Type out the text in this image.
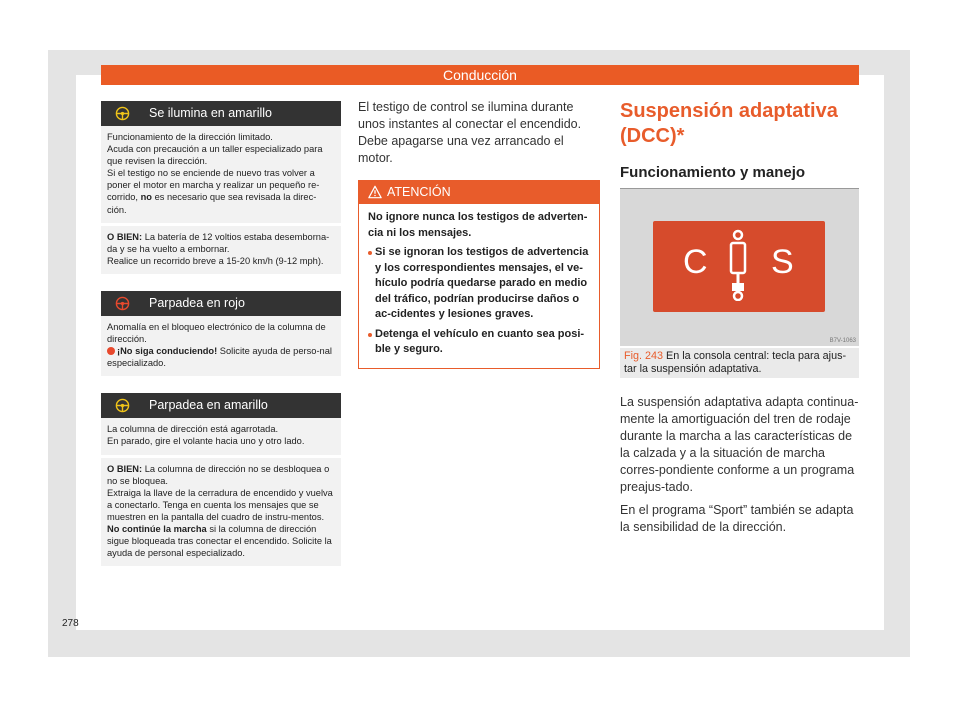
Conducción
Se ilumina en amarillo
Funcionamiento de la dirección limitado.
Acuda con precaución a un taller especializado para que revisen la dirección.
Si el testigo no se enciende de nuevo tras volver a poner el motor en marcha y realizar un pequeño re-corrido, no es necesario que sea revisada la direc-ción.
O BIEN: La batería de 12 voltios estaba desemborna-da y se ha vuelto a embornar.
Realice un recorrido breve a 15-20 km/h (9-12 mph).
Parpadea en rojo
Anomalía en el bloqueo electrónico de la columna de dirección.
¡No siga conduciendo! Solicite ayuda de perso-nal especializado.
Parpadea en amarillo
La columna de dirección está agarrotada.
En parado, gire el volante hacia uno y otro lado.
O BIEN: La columna de dirección no se desbloquea o no se bloquea.
Extraiga la llave de la cerradura de encendido y vuelva a conectarlo. Tenga en cuenta los mensajes que se muestren en la pantalla del cuadro de instru-mentos.
No continúe la marcha si la columna de dirección sigue bloqueada tras conectar el encendido. Solicite la ayuda de personal especializado.

El testigo de control se ilumina durante unos instantes al conectar el encendido. Debe apagarse una vez arrancado el motor.

ATENCIÓN

No ignore nunca los testigos de adverten-cia ni los mensajes.

Si se ignoran los testigos de advertencia y los correspondientes mensajes, el ve-hículo podría quedarse parado en medio del tráfico, podrían producirse daños o ac-cidentes y lesiones graves.
Detenga el vehículo en cuanto sea posi-ble y seguro.
Suspensión adaptativa (DCC)*
Funcionamiento y manejo
C S
B7V-1063
Fig. 243 En la consola central: tecla para ajus-tar la suspensión adaptativa.

La suspensión adaptativa adapta continua-mente la amortiguación del tren de rodaje durante la marcha a las características de la calzada y a la situación de marcha corres-pondiente conforme a un programa preajus-tado.

En el programa “Sport” también se adapta la sensibilidad de la dirección.

278
